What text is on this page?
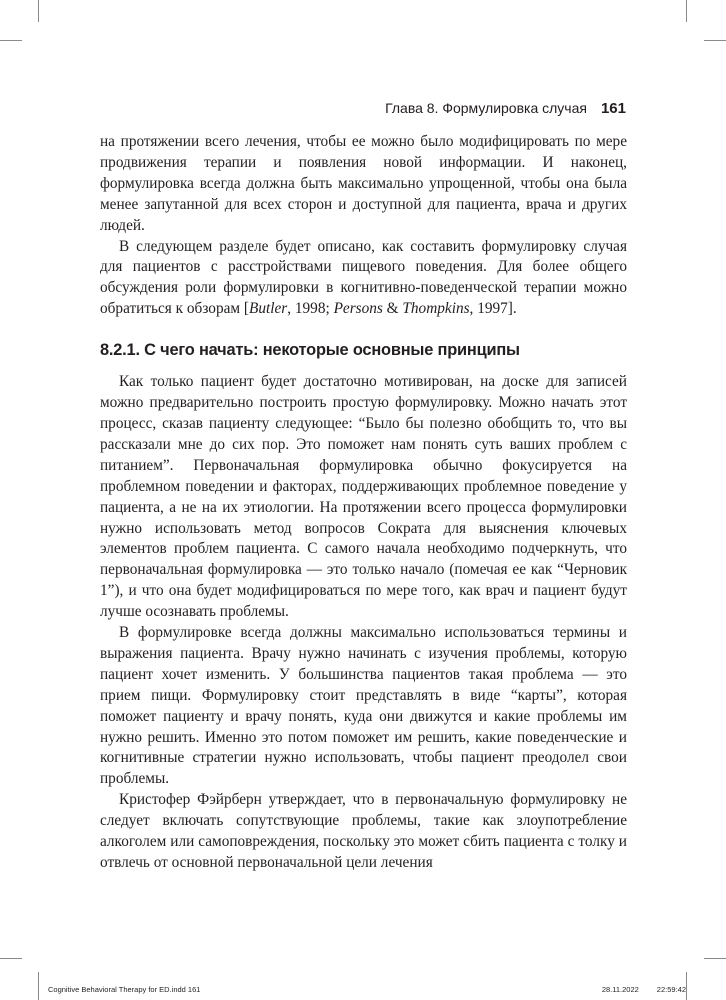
Глава 8. Формулировка случая 161

на протяжении всего лечения, чтобы ее можно было модифицировать по мере продвижения терапии и появления новой информации. И наконец, формулировка всегда должна быть максимально упрощенной, чтобы она была менее запутанной для всех сторон и доступной для пациента, врача и других людей.

В следующем разделе будет описано, как составить формулировку случая для пациентов с расстройствами пищевого поведения. Для более общего обсуждения роли формулировки в когнитивно-поведенческой терапии можно обратиться к обзорам [Butler, 1998; Persons & Thompkins, 1997].

8.2.1. С чего начать: некоторые основные принципы

Как только пациент будет достаточно мотивирован, на доске для записей можно предварительно построить простую формулировку. Можно начать этот процесс, сказав пациенту следующее: “Было бы полезно обобщить то, что вы рассказали мне до сих пор. Это поможет нам понять суть ваших проблем с питанием”. Первоначальная формулировка обычно фокусируется на проблемном поведении и факторах, поддерживающих проблемное поведение у пациента, а не на их этиологии. На протяжении всего процесса формулировки нужно использовать метод вопросов Сократа для выяснения ключевых элементов проблем пациента. С самого начала необходимо подчеркнуть, что первоначальная формулировка — это только начало (помечая ее как “Черновик 1”), и что она будет модифицироваться по мере того, как врач и пациент будут лучше осознавать проблемы.

В формулировке всегда должны максимально использоваться термины и выражения пациента. Врачу нужно начинать с изучения проблемы, которую пациент хочет изменить. У большинства пациентов такая проблема — это прием пищи. Формулировку стоит представлять в виде “карты”, которая поможет пациенту и врачу понять, куда они движутся и какие проблемы им нужно решить. Именно это потом поможет им решить, какие поведенческие и когнитивные стратегии нужно использовать, чтобы пациент преодолел свои проблемы.

Кристофер Фэйрберн утверждает, что в первоначальную формулировку не следует включать сопутствующие проблемы, такие как злоупотребление алкоголем или самоповреждения, поскольку это может сбить пациента с толку и отвлечь от основной первоначальной цели лечения

Cognitive Behavioral Therapy for ED.indd 161	28.11.2022 22:59:42
